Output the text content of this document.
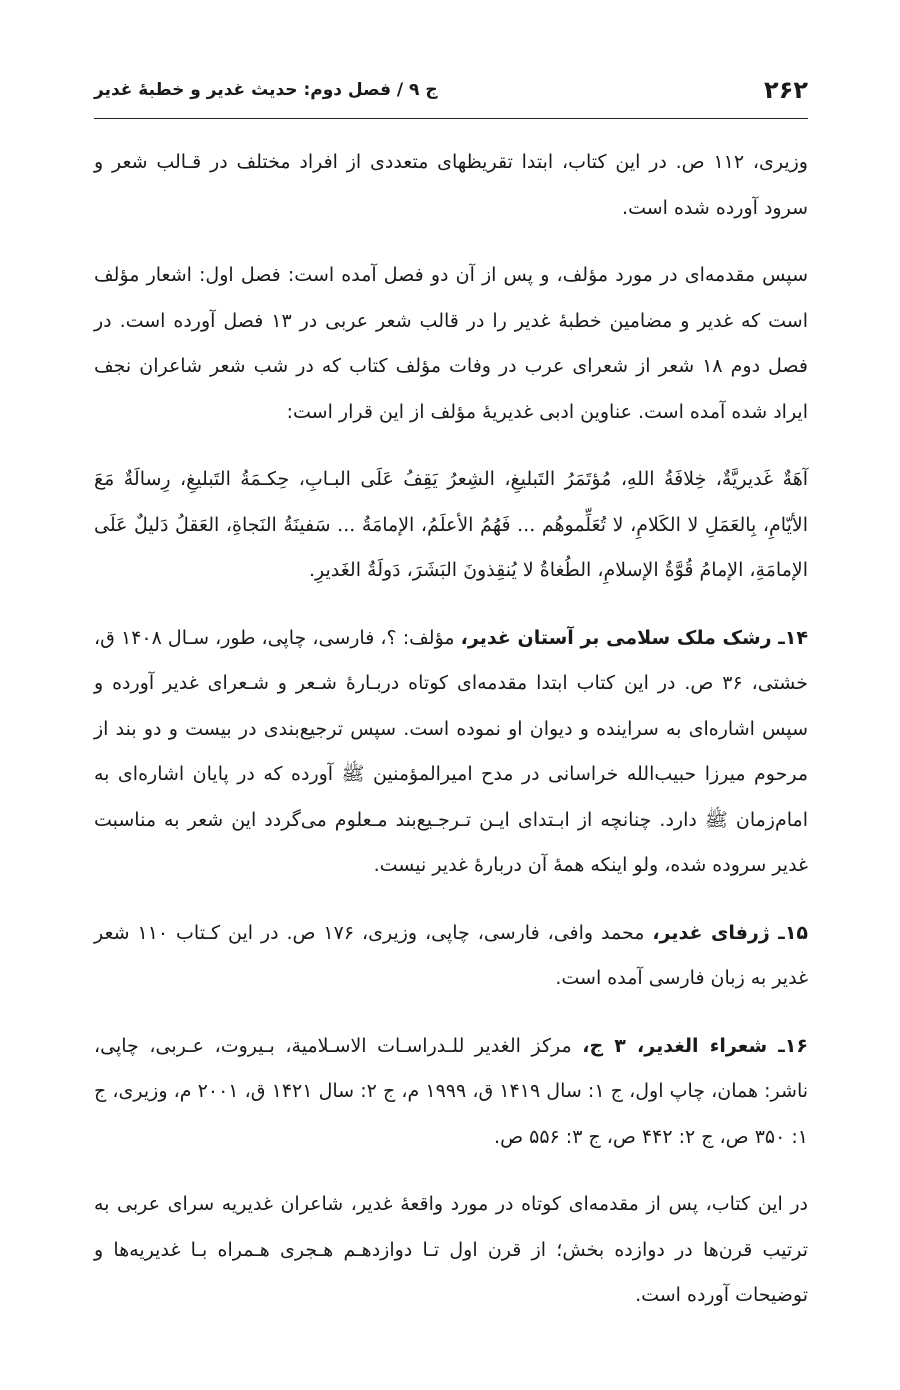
۲۶۲
ج ۹ / فصل دوم: حدیث غدیر و خطبهٔ غدیر

وزیری، ۱۱۲ ص. در این کتاب، ابتدا تقریظهای متعددی از افراد مختلف در قـالب شعر و سرود آورده شده است.

سپس مقدمه‌ای در مورد مؤلف، و پس از آن دو فصل آمده است: فصل اول: اشعار مؤلف است که غدیر و مضامین خطبهٔ غدیر را در قالب شعر عربی در ۱۳ فصل آورده است. در فصل دوم ۱۸ شعر از شعرای عرب در وفات مؤلف کتاب که در شب شعر شاعران نجف ایراد شده آمده است. عناوین ادبی غدیریهٔ مؤلف از این قرار است:

آهَةٌ غَديريَّةٌ، خِلافَةُ اللهِ، مُؤتَمَرُ التَبليغِ، الشِعرُ يَقِفُ عَلَى البـابِ، حِكـمَةُ التَبليغِ، رِسالَةٌ مَعَ الأيّامِ، بِالعَمَلِ لا الكَلامِ، لا تُعَلِّموهُم ... فَهُمُ الأعلَمُ، الإمامَةُ ... سَفينَةُ النَجاةِ، العَقلُ دَليلٌ عَلَى الإمامَةِ، الإمامُ قُوَّةُ الإسلامِ، الطُغاةُ لا يُنقِذونَ البَشَرَ، دَولَةُ الغَديرِ.

۱۴ـ رشک ملک سلامی بر آستان غدیر، مؤلف: ؟، فارسی، چاپی، طور، سـال ۱۴۰۸ ق، خشتی، ۳۶ ص. در این کتاب ابتدا مقدمه‌ای کوتاه دربـارهٔ شـعر و شـعرای غدیر آورده و سپس اشاره‌ای به سراینده و دیوان او نموده است. سپس ترجیع‌بندی در بیست و دو بند از مرحوم میرزا حبیب‌الله خراسانی در مدح امیرالمؤمنین ﷺ آورده که در پایان اشاره‌ای به امام‌زمان ﷺ دارد. چنانچه از ابـتدای ایـن تـرجـیع‌بند مـعلوم می‌گردد این شعر به مناسبت غدیر سروده شده، ولو اینکه همهٔ آن دربارهٔ غدیر نیست.

۱۵ـ ژرفای غدیر، محمد وافی، فارسی، چاپی، وزیری، ۱۷۶ ص. در این کـتاب ۱۱۰ شعر غدیر به زبان فارسی آمده است.

۱۶ـ شعراء الغدیر، ۳ ج، مرکز الغدیر للـدراسـات الاسـلامیة، بـیروت، عـربی، چاپی، ناشر: همان، چاپ اول، ج ۱: سال ۱۴۱۹ ق، ۱۹۹۹ م، ج ۲: سال ۱۴۲۱ ق، ۲۰۰۱ م، وزیری، ج ۱: ۳۵۰ ص، ج ۲: ۴۴۲ ص، ج ۳: ۵۵۶ ص.

در این کتاب، پس از مقدمه‌ای کوتاه در مورد واقعهٔ غدیر، شاعران غدیریه سرای عربی به ترتیب قرن‌ها در دوازده بخش؛ از قرن اول تـا دوازدهـم هـجری هـمراه بـا غدیریه‌ها و توضیحات آورده است.
